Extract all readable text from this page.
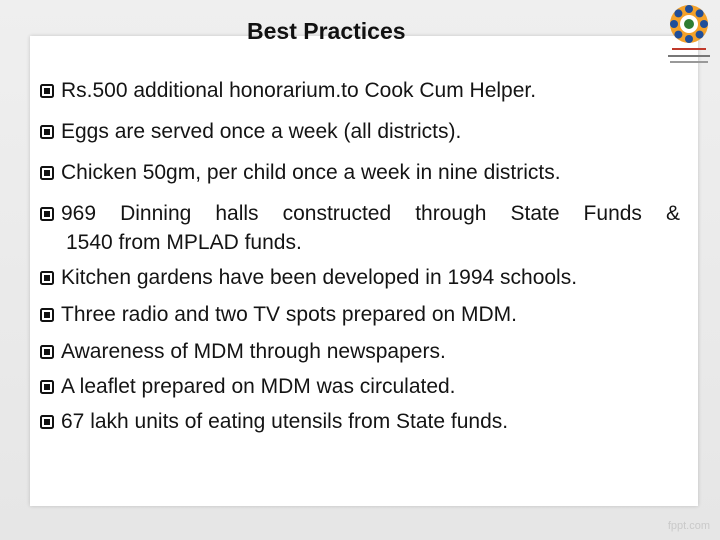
Best Practices
Rs.500 additional honorarium.to Cook Cum Helper.
Eggs are served once a week (all districts).
Chicken 50gm, per child once a week in nine districts.
969 Dinning halls constructed through State Funds &
1540 from MPLAD funds.
Kitchen gardens have been developed in 1994 schools.
Three radio and two TV spots prepared on MDM.
Awareness of MDM through newspapers.
A leaflet prepared on MDM was circulated.
67 lakh units of eating utensils from State funds.
fppt.com
